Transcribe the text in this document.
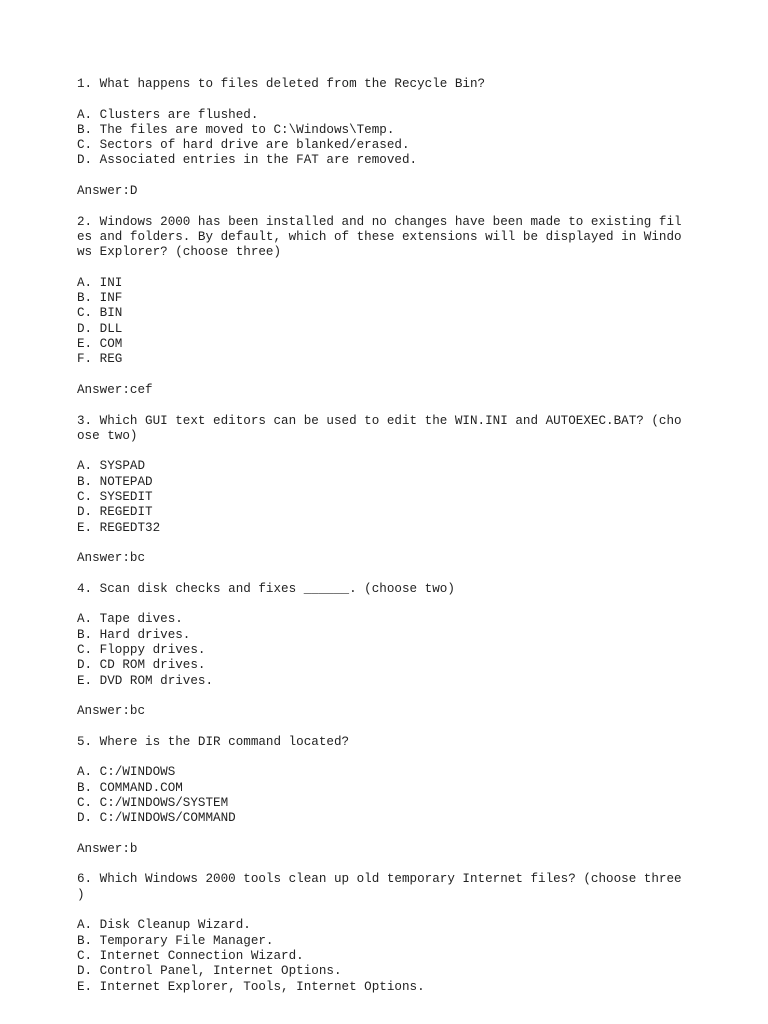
1. What happens to files deleted from the Recycle Bin?
A. Clusters are flushed.
B. The files are moved to C:\Windows\Temp.
C. Sectors of hard drive are blanked/erased.
D. Associated entries in the FAT are removed.
Answer:D
2. Windows 2000 has been installed and no changes have been made to existing fil
es and folders. By default, which of these extensions will be displayed in Windo
ws Explorer? (choose three)
A. INI
B. INF
C. BIN
D. DLL
E. COM
F. REG
Answer:cef
3. Which GUI text editors can be used to edit the WIN.INI and AUTOEXEC.BAT? (cho
ose two)
A. SYSPAD
B. NOTEPAD
C. SYSEDIT
D. REGEDIT
E. REGEDT32
Answer:bc
4. Scan disk checks and fixes ______. (choose two)
A. Tape dives.
B. Hard drives.
C. Floppy drives.
D. CD ROM drives.
E. DVD ROM drives.
Answer:bc
5. Where is the DIR command located?
A. C:/WINDOWS
B. COMMAND.COM
C. C:/WINDOWS/SYSTEM
D. C:/WINDOWS/COMMAND
Answer:b
6. Which Windows 2000 tools clean up old temporary Internet files? (choose three
)
A. Disk Cleanup Wizard.
B. Temporary File Manager.
C. Internet Connection Wizard.
D. Control Panel, Internet Options.
E. Internet Explorer, Tools, Internet Options.
